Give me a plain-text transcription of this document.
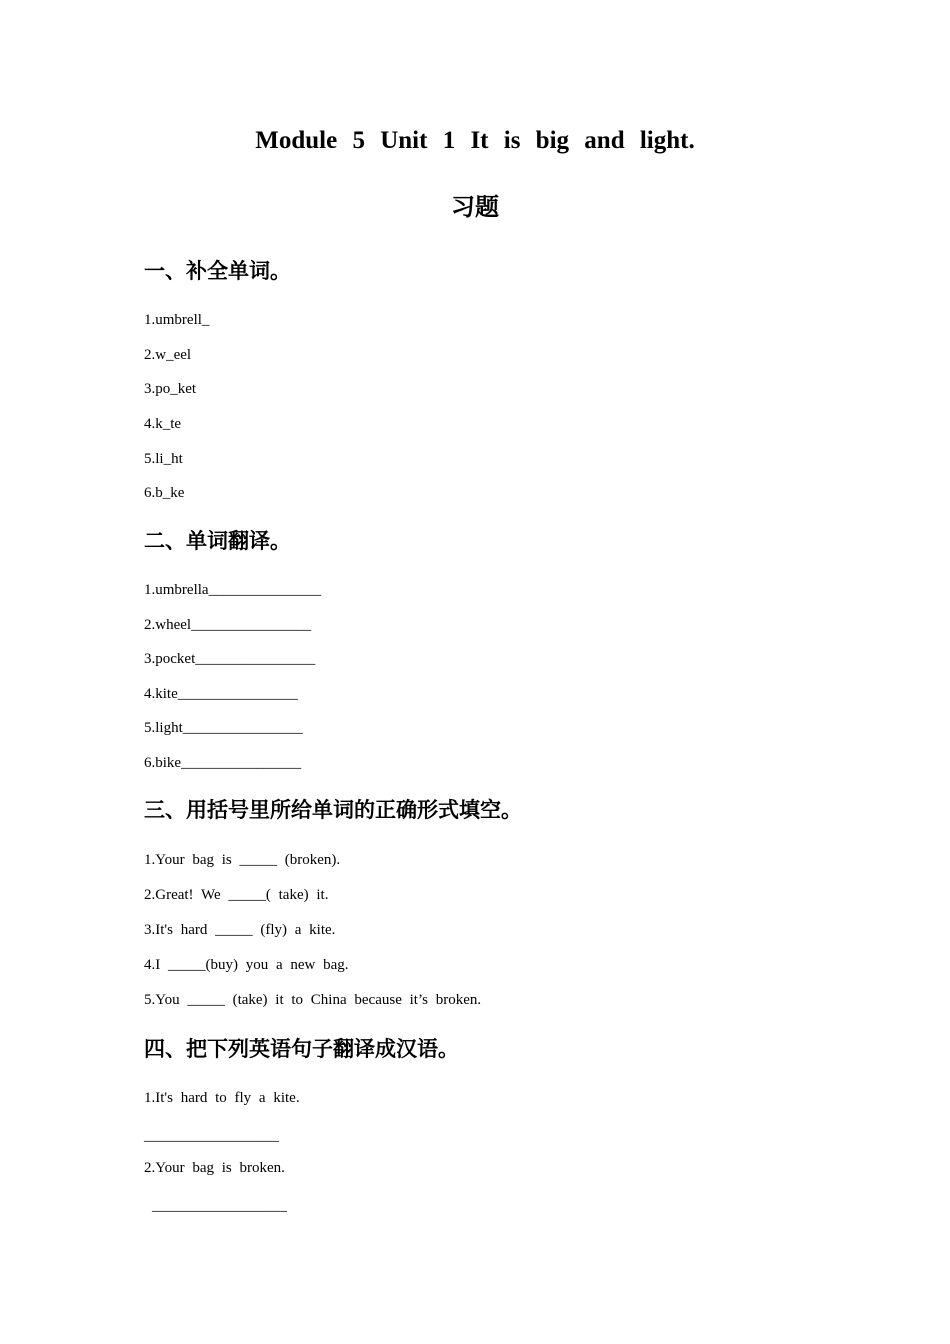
Module 5 Unit 1 It is big and light.
习题
一、补全单词。
1.umbrell_
2.w_eel
3.po_ket
4.k_te
5.li_ht
6.b_ke
二、单词翻译。
1.umbrella_______________
2.wheel________________
3.pocket________________
4.kite________________
5.light________________
6.bike________________
三、用括号里所给单词的正确形式填空。
1.Your bag is _____ (broken).
2.Great! We _____( take) it.
3.It's hard _____ (fly) a kite.
4.I _____(buy) you a new bag.
5.You _____ (take) it to China because it’s broken.
四、把下列英语句子翻译成汉语。
1.It's hard to fly a kite.
__________________
2.Your bag is broken.
__________________
